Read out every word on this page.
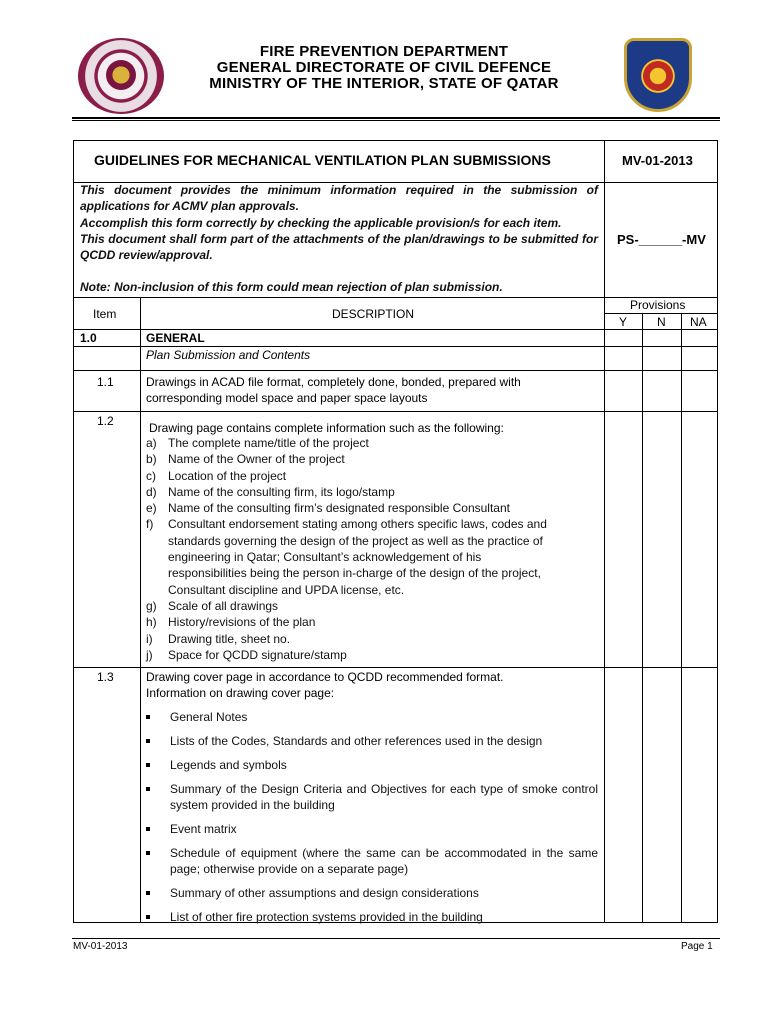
FIRE PREVENTION DEPARTMENT
GENERAL DIRECTORATE OF CIVIL DEFENCE
MINISTRY OF THE INTERIOR, STATE OF QATAR
GUIDELINES FOR MECHANICAL VENTILATION PLAN SUBMISSIONS	MV-01-2013

This document provides the minimum information required in the submission of applications for ACMV plan approvals.

Accomplish this form correctly by checking the applicable provision/s for each item.

This document shall form part of the attachments of the plan/drawings to be submitted for QCDD review/approval.

Note: Non-inclusion of this form could mean rejection of plan submission.

PS-______-MV
Item	DESCRIPTION
Provisions
Y N NA
1.0	GENERAL
Plan Submission and Contents
1.1	Drawings in ACAD file format, completely done, bonded, prepared with
corresponding model space and paper space layouts
1.2	Drawing page contains complete information such as the following:
a) The complete name/title of the project
b) Name of the Owner of the project
c) Location of the project
d) Name of the consulting firm, its logo/stamp
e) Name of the consulting firm’s designated responsible Consultant
f) Consultant endorsement stating among others specific laws, codes and
standards governing the design of the project as well as the practice of
engineering in Qatar; Consultant’s acknowledgement of his
responsibilities being the person in-charge of the design of the project,
Consultant discipline and UPDA license, etc.
g) Scale of all drawings
h) History/revisions of the plan
i) Drawing title, sheet no.
j) Space for QCDD signature/stamp
1.3	Drawing cover page in accordance to QCDD recommended format.
Information on drawing cover page:
General Notes
Lists of the Codes, Standards and other references used in the design
Legends and symbols
Summary of the Design Criteria and Objectives for each type of smoke control system provided in the building
Event matrix
Schedule of equipment (where the same can be accommodated in the same page; otherwise provide on a separate page)
Summary of other assumptions and design considerations
List of other fire protection systems provided in the building
MV-01-2013	Page 1
